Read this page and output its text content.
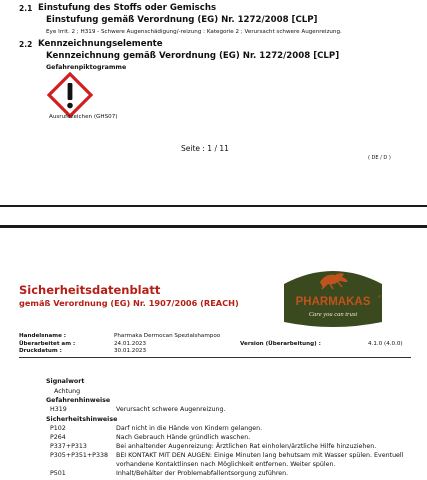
2.1 Einstufung des Stoffs oder Gemischs
Einstufung gemäß Verordnung (EG) Nr. 1272/2008 [CLP]
Eye Irrit. 2 ; H319 - Schwere Augenschädigung/-reizung : Kategorie 2 ; Verursacht schwere Augenreizung.
2.2 Kennzeichnungselemente
Kennzeichnung gemäß Verordnung (EG) Nr. 1272/2008 [CLP]
Gefahrenpiktogramme
Ausrufezeichen (GHS07)
Seite : 1 / 11
( DE / D )
Sicherheitsdatenblatt
gemäß Verordnung (EG) Nr. 1907/2006 (REACH)	PHARMAKAS ®
Care you can trust
Handelsname :	Pharmaka Dermocan Spezialshampoo
Überarbeitet am :	24.01.2023	Version (Überarbeitung) :	4.1.0 (4.0.0)
Druckdatum :	30.01.2023
Signalwort
Achtung
Gefahrenhinweise
H319	Verursacht schwere Augenreizung.
Sicherheitshinweise
P102	Darf nicht in die Hände von Kindern gelangen.
P264	Nach Gebrauch Hände gründlich waschen.
P337+P313	Bei anhaltender Augenreizung: Ärztlichen Rat einholen/ärztliche Hilfe hinzuziehen.
P305+P351+P338 BEI KONTAKT MIT DEN AUGEN: Einige Minuten lang behutsam mit Wasser spülen. Eventuell
vorhandene Kontaktlinsen nach Möglichkeit entfernen. Weiter spülen.
P501	Inhalt/Behälter der Problemabfallentsorgung zuführen.
